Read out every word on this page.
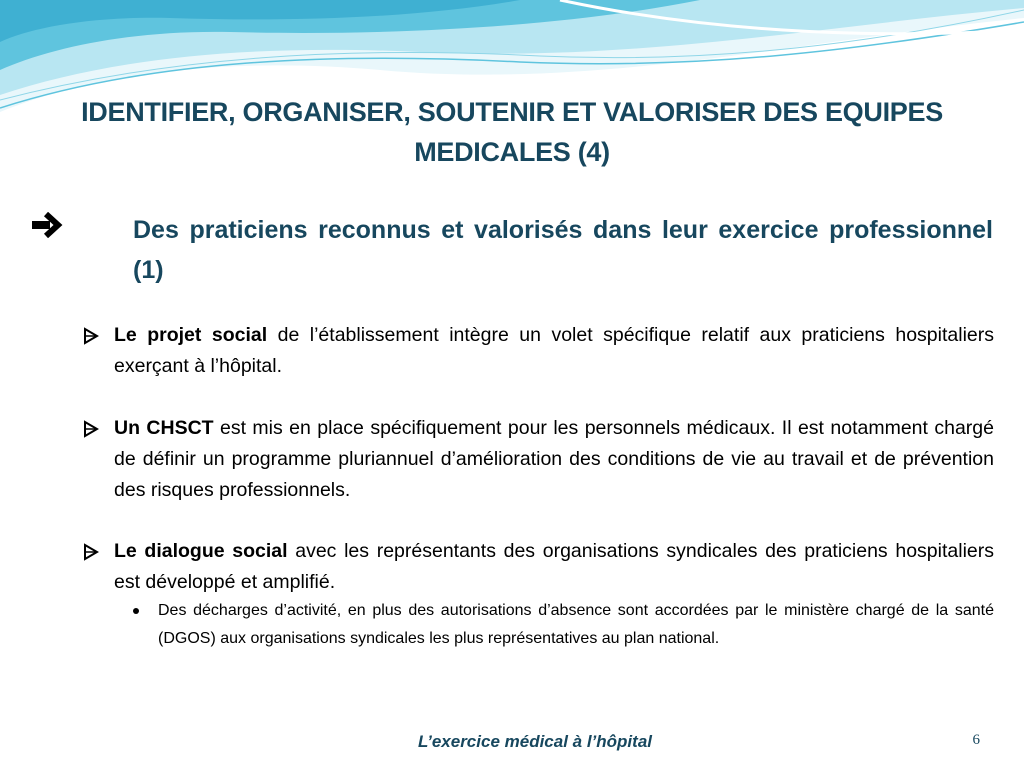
IDENTIFIER, ORGANISER, SOUTENIR ET VALORISER DES EQUIPES
MEDICALES (4)
Des praticiens reconnus et valorisés dans leur exercice professionnel (1)
Le projet social de l’établissement intègre un volet spécifique relatif aux praticiens hospitaliers exerçant à l’hôpital.
Un CHSCT est mis en place spécifiquement pour les personnels médicaux. Il est notamment chargé de définir un programme pluriannuel d’amélioration des conditions de vie au travail et de prévention des risques professionnels.
Le dialogue social avec les représentants des organisations syndicales des praticiens hospitaliers est développé et amplifié.
Des décharges d’activité, en plus des autorisations d’absence sont accordées par le ministère chargé de la santé (DGOS) aux organisations syndicales les plus représentatives au plan national.
L’exercice médical à l’hôpital	6
